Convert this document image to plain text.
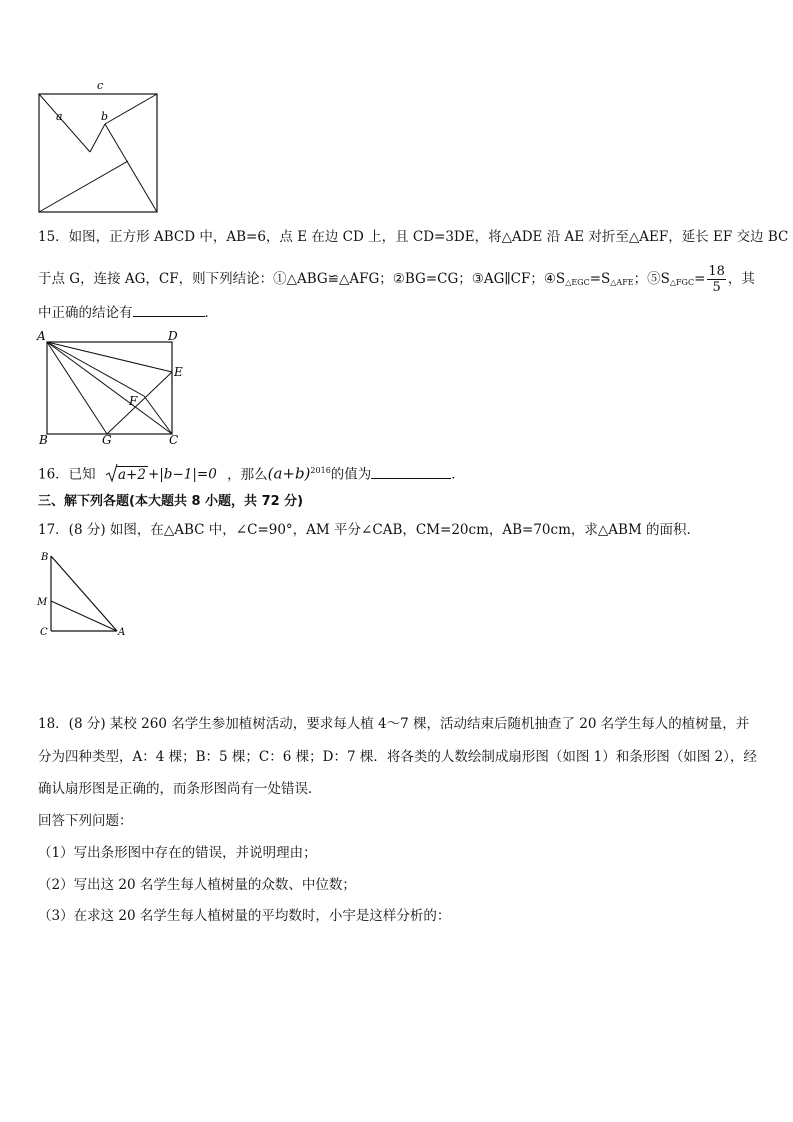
c
a	b
15．如图，正方形 ABCD 中，AB=6，点 E 在边 CD 上，且 CD=3DE，将△ADE 沿 AE 对折至△AEF，延长 EF 交边 BC
于点 G，连接 AG，CF，则下列结论：①△ABG≌△AFG；②BG=CG；③AG∥CF；$④S_{\triangle EGC}=S_{\triangle AFE}$；$⑤S_{\triangle FGC}= \frac{18}{5}$ ，其
中正确的结论有	．
A	D
E
F
B	G	C
16．已知 a+2 +|b−1|=0 ，那么$(a+b)^{2016}$的值为	．
三、解下列各题(本大题共 8 小题，共 72 分)
17．(8 分) 如图，在△ABC 中，∠C=90°，AM 平分∠CAB，CM=20cm，AB=70cm，求△ABM 的面积．
B
M
C	A
18．(8 分) 某校 260 名学生参加植树活动，要求每人植 4～7 棵，活动结束后随机抽查了 20 名学生每人的植树量，并
分为四种类型，A：4 棵；B：5 棵；C：6 棵；D：7 棵．将各类的人数绘制成扇形图（如图 1）和条形图（如图 2），经
确认扇形图是正确的，而条形图尚有一处错误．
回答下列问题：
（1）写出条形图中存在的错误，并说明理由；
（2）写出这 20 名学生每人植树量的众数、中位数；
（3）在求这 20 名学生每人植树量的平均数时，小宇是这样分析的：
